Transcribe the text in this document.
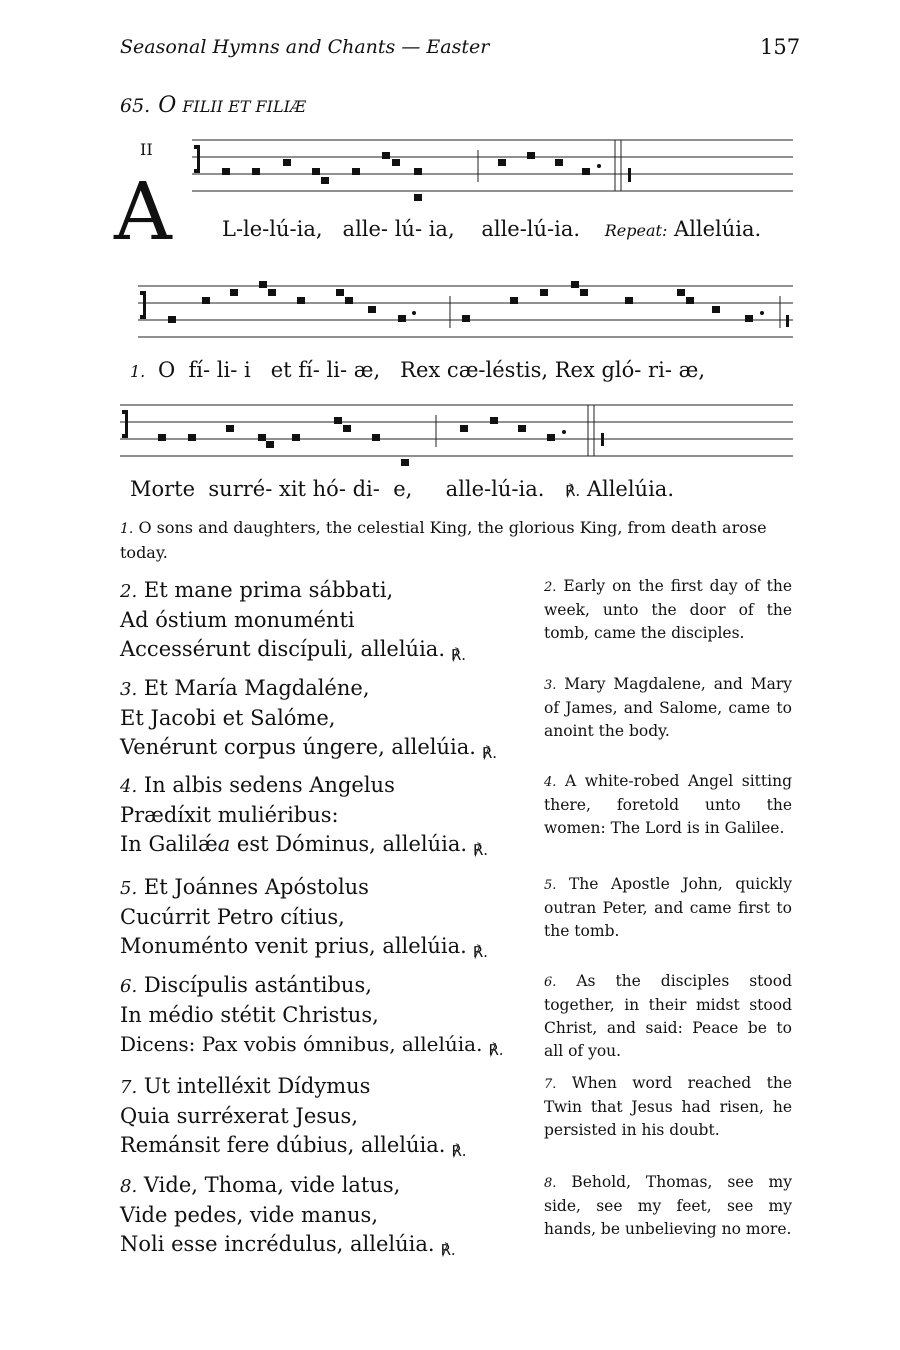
Seasonal Hymns and Chants — Easter	157
65. O FILII ET FILIÆ
II
A L-le-lú-ia,   alle- lú- ia,    alle-lú-ia. Repeat: Allelúia.
1. O  fí- li- i   et fí- li- æ,   Rex cæ-léstis, Rex gló- ri- æ,
Morte  surré- xit hó- di-  e,     alle-lú-ia. ℟. Allelúia.
1. O sons and daughters, the celestial King, the glorious King, from death arose today.
2. Et mane prima sábbati,
Ad óstium monuménti
Accessérunt discípuli, allelúia. ℟.
2. Early on the first day of the week, unto the door of the tomb, came the disciples.
3. Et María Magdaléne,
Et Jacobi et Salóme,
Venérunt corpus úngere, allelúia. ℟.
3. Mary Magdalene, and Mary of James, and Salome, came to anoint the body.
4. In albis sedens Angelus
Prædíxit muliéribus:
In Galilǽa est Dóminus, allelúia. ℟.
4. A white-robed Angel sitting there, foretold unto the women: The Lord is in Galilee.
5. Et Joánnes Apóstolus
Cucúrrit Petro cítius,
Monuménto venit prius, allelúia. ℟.
5. The Apostle John, quickly outran Peter, and came first to the tomb.
6. Discípulis astántibus,
In médio stétit Christus,
Dicens: Pax vobis ómnibus, allelúia. ℟.
6. As the disciples stood together, in their midst stood Christ, and said: Peace be to all of you.
7. Ut intelléxit Dídymus
Quia surréxerat Jesus,
Remánsit fere dúbius, allelúia. ℟.
7. When word reached the Twin that Jesus had risen, he persisted in his doubt.
8. Vide, Thoma, vide latus,
Vide pedes, vide manus,
Noli esse incrédulus, allelúia. ℟.
8. Behold, Thomas, see my side, see my feet, see my hands, be unbelieving no more.
